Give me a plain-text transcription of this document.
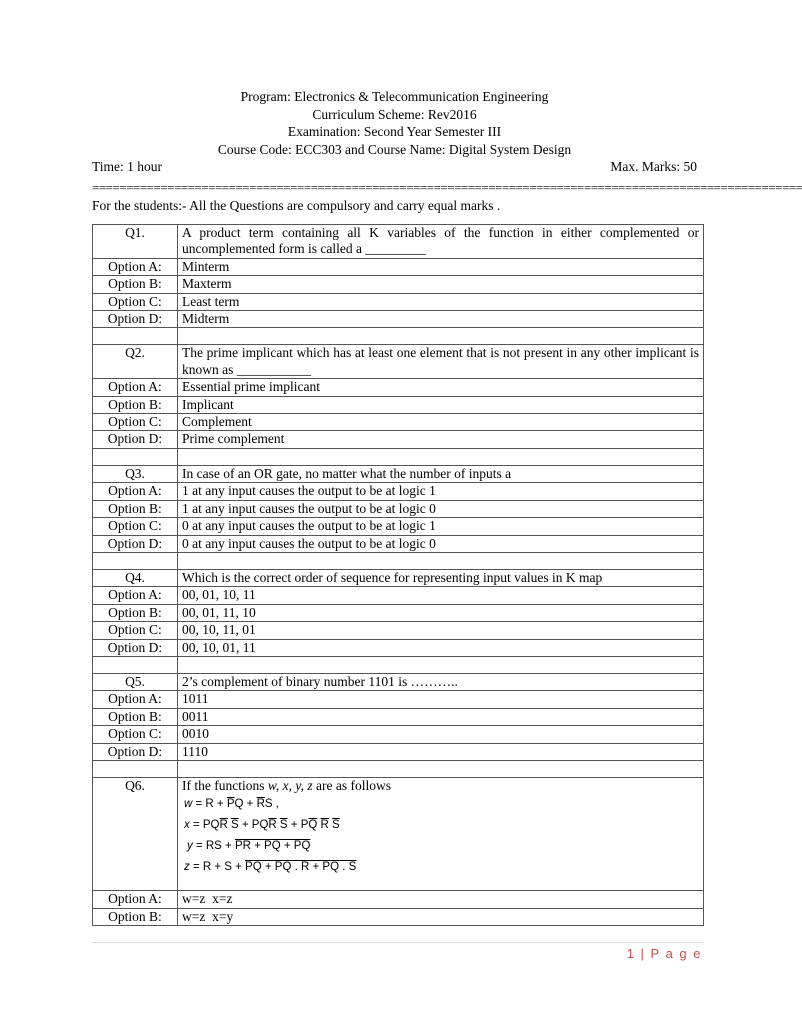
Program: Electronics & Telecommunication Engineering
Curriculum Scheme: Rev2016
Examination: Second Year Semester III
Course Code: ECC303 and Course Name: Digital System Design
Time: 1 hour	Max. Marks: 50
========================================================================================================
For the students:- All the Questions are compulsory and carry equal marks .
Q1.	A product term containing all K variables of the function in either complemented or uncomplemented form is called a _________
Option A:	Minterm
Option B:	Maxterm
Option C:	Least term
Option D:	Midterm

Q2.	The prime implicant which has at least one element that is not present in any other implicant is known as ___________
Option A:	Essential prime implicant
Option B:	Implicant
Option C:	Complement
Option D:	Prime complement

Q3.	In case of an OR gate, no matter what the number of inputs a
Option A:	1 at any input causes the output to be at logic 1
Option B:	1 at any input causes the output to be at logic 0
Option C:	0 at any input causes the output to be at logic 1
Option D:	0 at any input causes the output to be at logic 0

Q4.	Which is the correct order of sequence for representing input values in K map
Option A:	00, 01, 10, 11
Option B:	00, 01, 11, 10
Option C:	00, 10, 11, 01
Option D:	00, 10, 01, 11

Q5.	2’s complement of binary number 1101 is ………..
Option A:	1011
Option B:	0011
Option C:	0010
Option D:	1110

Q6.	If the functions w, x, y, z are as follows
$w = R + \overline{P}Q + \overline{R}S$ ,
$x = PQ\overline{R}$ $\overline{S} + PQ\overline{R}$ $\overline{S} + P\overline{Q}$ $\overline{R}$ $\overline{S}$
y = RS + PR + PQ + PQ
z = R + S + PQ + PQ . R + PQ . S

Option A:	w=z  x=z
Option B:	w=z  x=y
1 | P a g e
